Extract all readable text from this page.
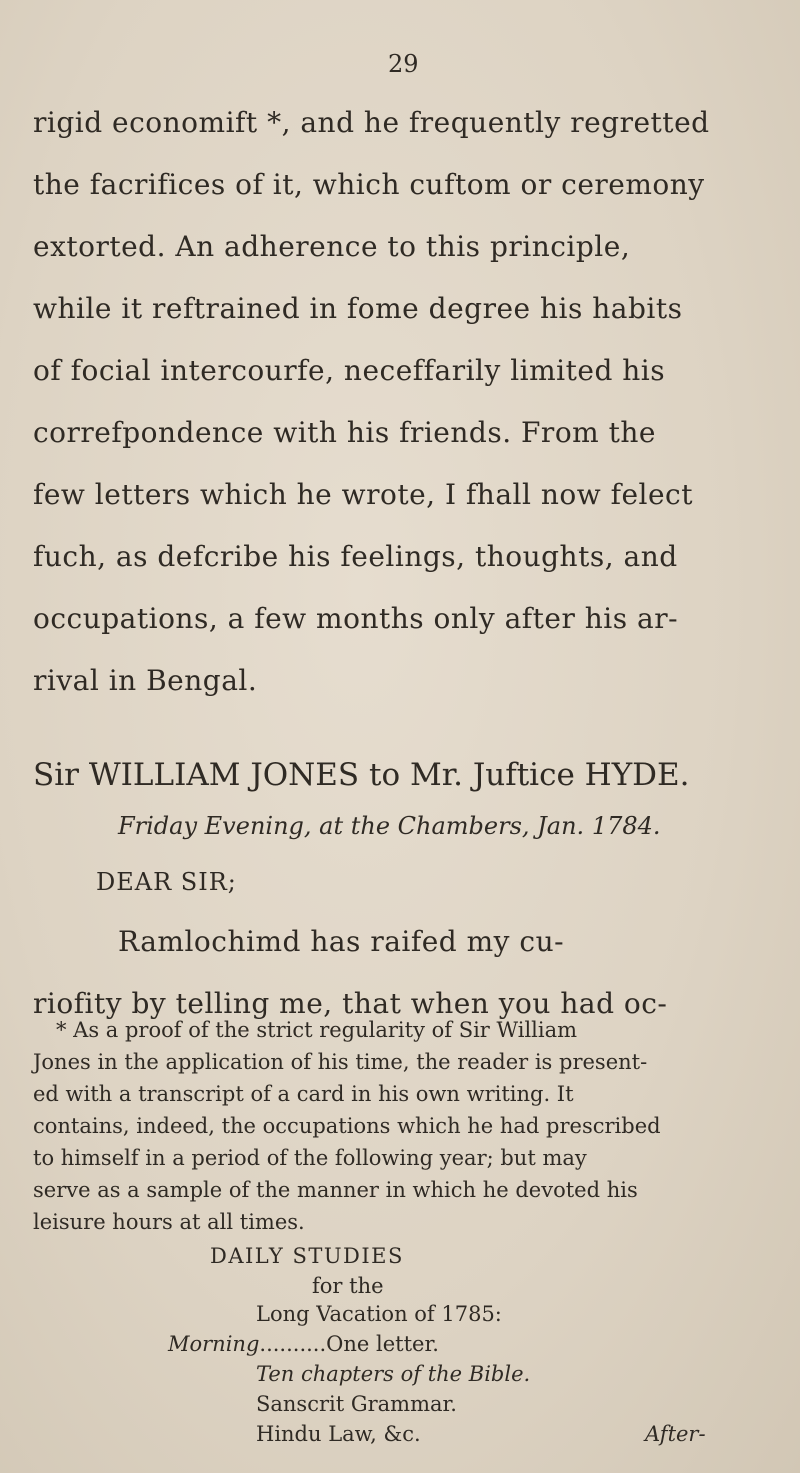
29
rigid economift *, and he frequently regretted
the facrifices of it, which cuftom or ceremony
extorted. An adherence to this principle,
while it reftrained in fome degree his habits
of focial intercourfe, neceffarily limited his
correfpondence with his friends. From the
few letters which he wrote, I fhall now felect
fuch, as defcribe his feelings, thoughts, and
occupations, a few months only after his ar-
rival in Bengal.
Sir WILLIAM JONES to Mr. Juftice HYDE.
Friday Evening, at the Chambers, Jan. 1784.
DEAR SIR;
Ramlochimd has raifed my cu-
riofity by telling me, that when you had oc-
* As a proof of the strict regularity of Sir William
Jones in the application of his time, the reader is present-
ed with a transcript of a card in his own writing. It
contains, indeed, the occupations which he had prescribed
to himself in a period of the following year; but may
serve as a sample of the manner in which he devoted his
leisure hours at all times.
DAILY STUDIES
for the
Long Vacation of 1785:
Morning..........One letter.
Ten chapters of the Bible.
Sanscrit Grammar.
Hindu Law, &c.	After-
